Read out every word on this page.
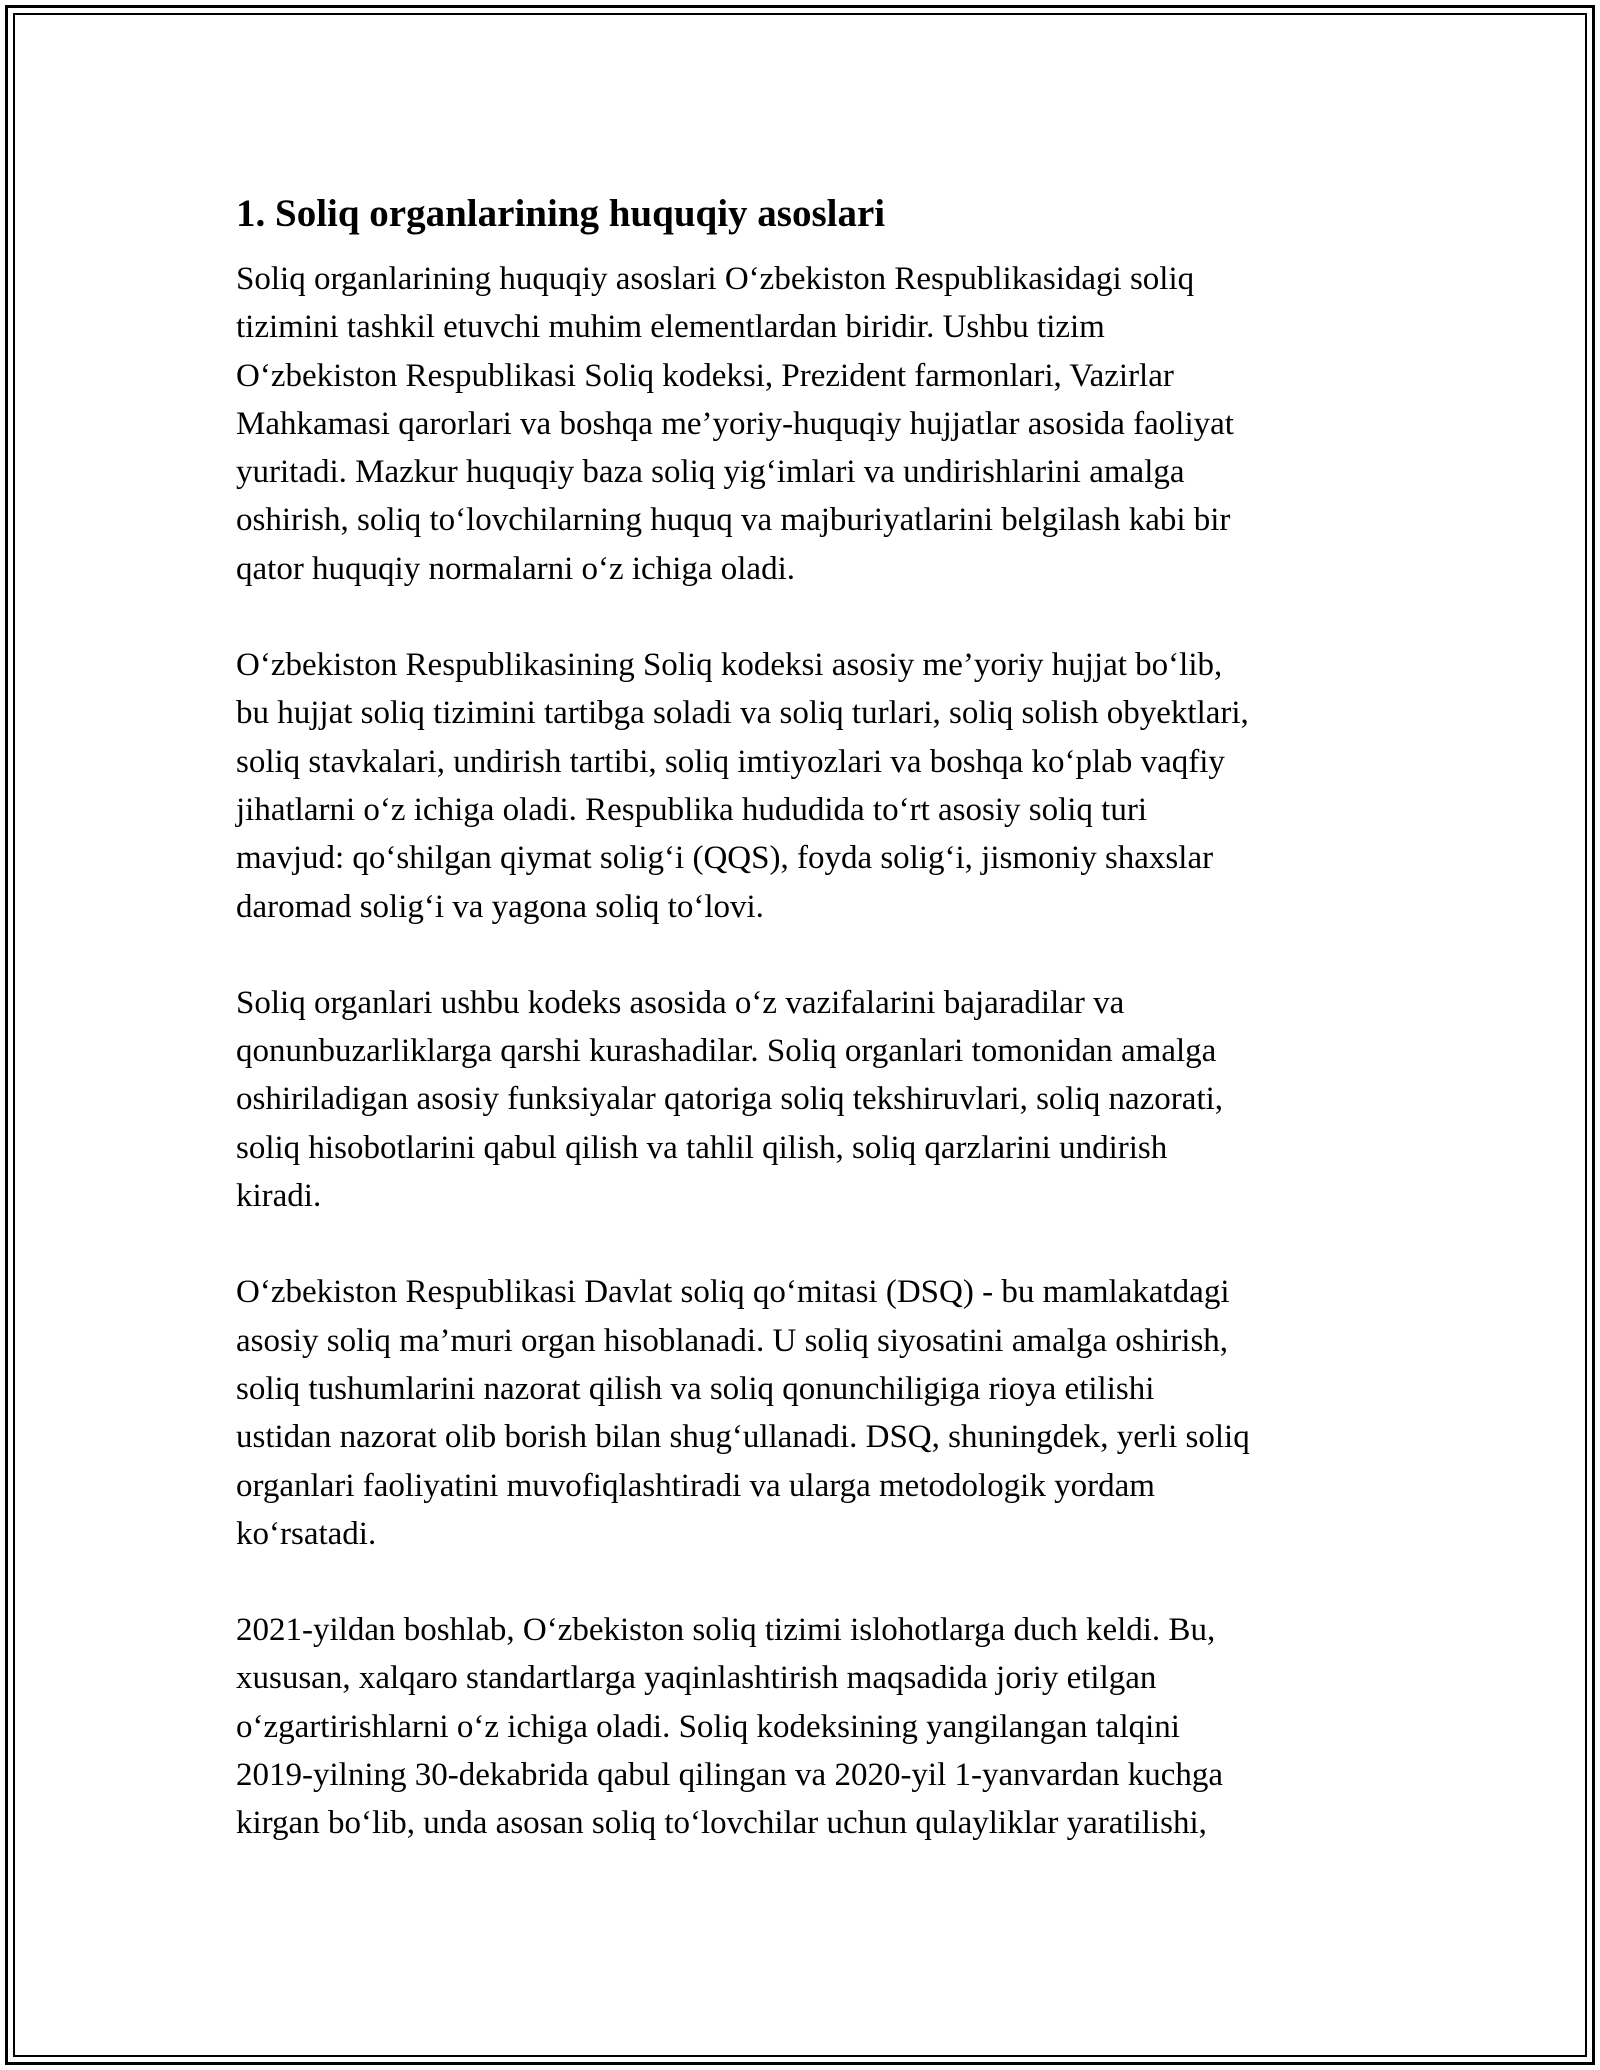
1. Soliq organlarining huquqiy asoslari

Soliq organlarining huquqiy asoslari O‘zbekiston Respublikasidagi soliq
tizimini tashkil etuvchi muhim elementlardan biridir. Ushbu tizim
O‘zbekiston Respublikasi Soliq kodeksi, Prezident farmonlari, Vazirlar
Mahkamasi qarorlari va boshqa me’yoriy-huquqiy hujjatlar asosida faoliyat
yuritadi. Mazkur huquqiy baza soliq yig‘imlari va undirishlarini amalga
oshirish, soliq to‘lovchilarning huquq va majburiyatlarini belgilash kabi bir
qator huquqiy normalarni o‘z ichiga oladi.

O‘zbekiston Respublikasining Soliq kodeksi asosiy me’yoriy hujjat bo‘lib,
bu hujjat soliq tizimini tartibga soladi va soliq turlari, soliq solish obyektlari,
soliq stavkalari, undirish tartibi, soliq imtiyozlari va boshqa ko‘plab vaqfiy
jihatlarni o‘z ichiga oladi. Respublika hududida to‘rt asosiy soliq turi
mavjud: qo‘shilgan qiymat solig‘i (QQS), foyda solig‘i, jismoniy shaxslar
daromad solig‘i va yagona soliq to‘lovi.

Soliq organlari ushbu kodeks asosida o‘z vazifalarini bajaradilar va
qonunbuzarliklarga qarshi kurashadilar. Soliq organlari tomonidan amalga
oshiriladigan asosiy funksiyalar qatoriga soliq tekshiruvlari, soliq nazorati,
soliq hisobotlarini qabul qilish va tahlil qilish, soliq qarzlarini undirish
kiradi.

O‘zbekiston Respublikasi Davlat soliq qo‘mitasi (DSQ) - bu mamlakatdagi
asosiy soliq ma’muri organ hisoblanadi. U soliq siyosatini amalga oshirish,
soliq tushumlarini nazorat qilish va soliq qonunchiligiga rioya etilishi
ustidan nazorat olib borish bilan shug‘ullanadi. DSQ, shuningdek, yerli soliq
organlari faoliyatini muvofiqlashtiradi va ularga metodologik yordam
ko‘rsatadi.

2021-yildan boshlab, O‘zbekiston soliq tizimi islohotlarga duch keldi. Bu,
xususan, xalqaro standartlarga yaqinlashtirish maqsadida joriy etilgan
o‘zgartirishlarni o‘z ichiga oladi. Soliq kodeksining yangilangan talqini
2019-yilning 30-dekabrida qabul qilingan va 2020-yil 1-yanvardan kuchga
kirgan bo‘lib, unda asosan soliq to‘lovchilar uchun qulayliklar yaratilishi,
